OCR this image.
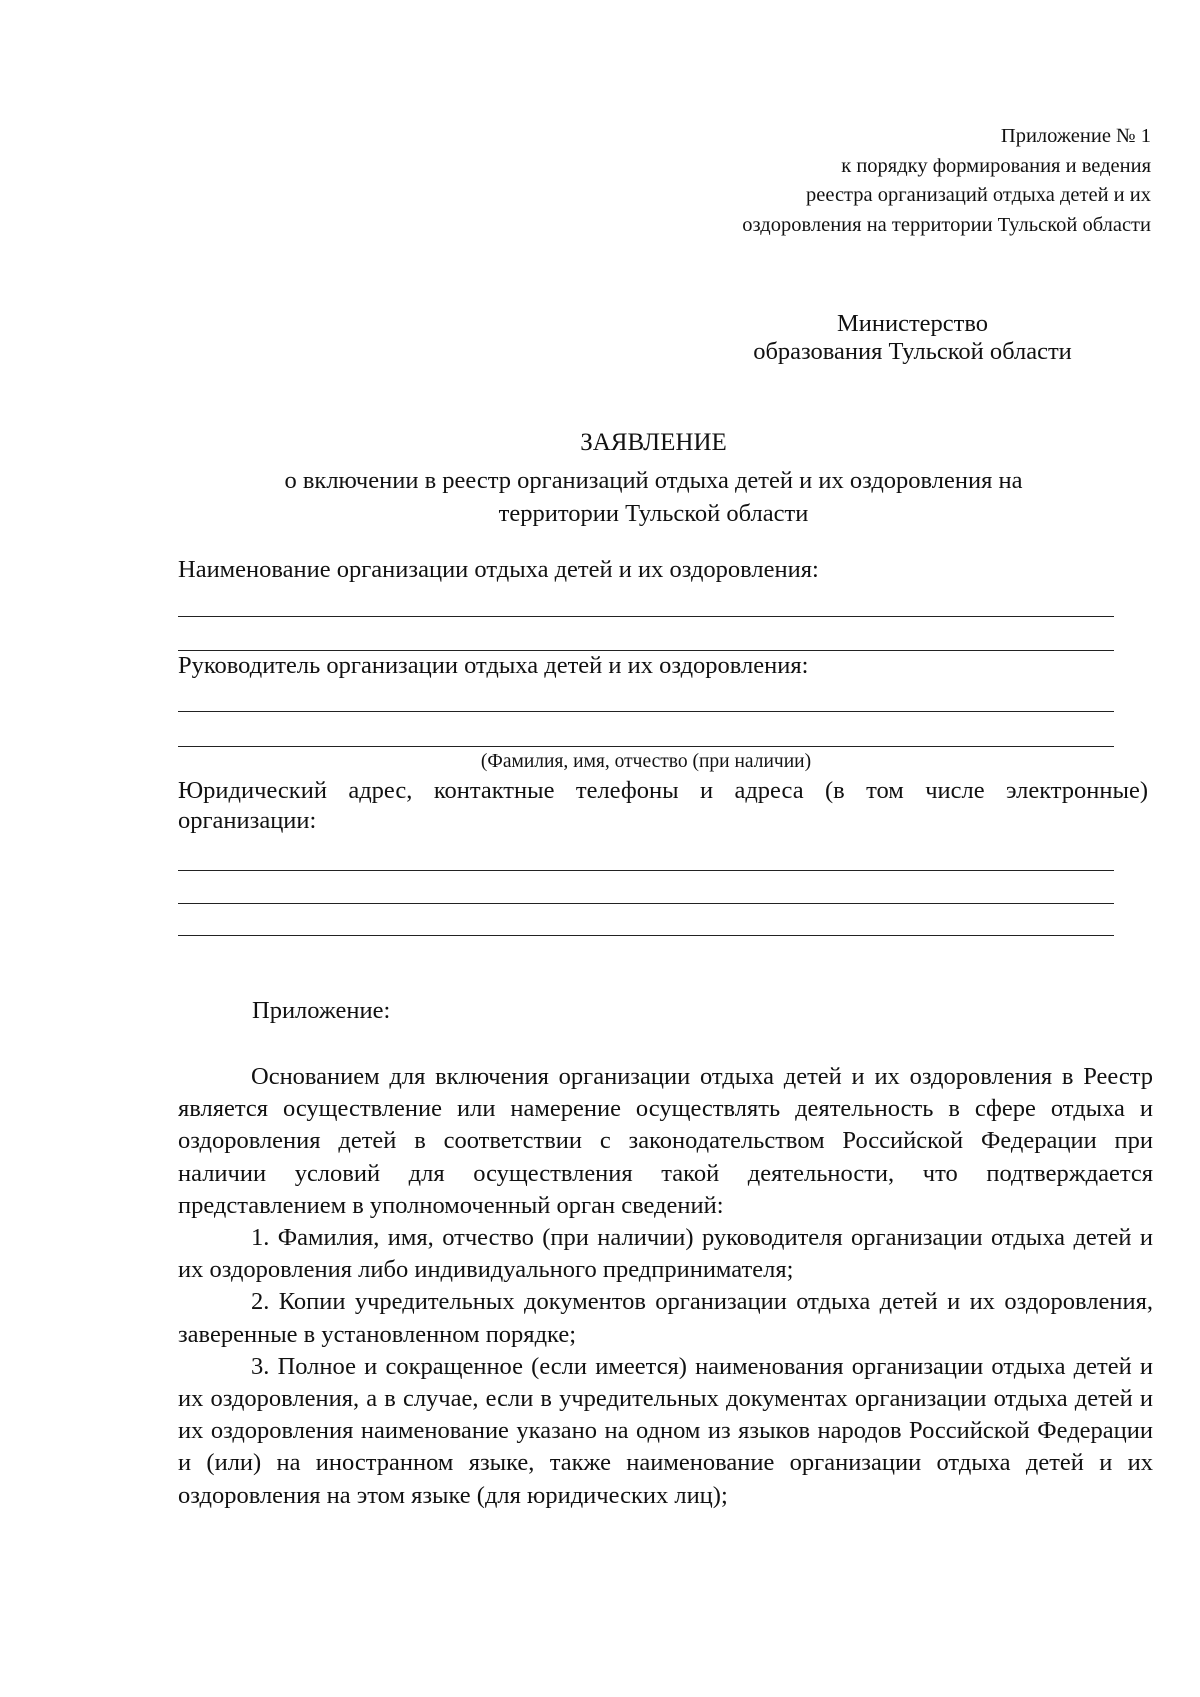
Приложение № 1
к порядку формирования и ведения
реестра организаций отдыха детей и их
оздоровления на территории Тульской области
Министерство
образования Тульской области
ЗАЯВЛЕНИЕ
о включении в реестр организаций отдыха детей и их оздоровления на
территории Тульской области
Наименование организации отдыха детей и их оздоровления:
Руководитель организации отдыха детей и их оздоровления:
(Фамилия, имя, отчество (при наличии)
Юридический адрес, контактные телефоны и адреса (в том числе электронные) организации:
Приложение:

Основанием для включения организации отдыха детей и их оздоровления в Реестр является осуществление или намерение осуществлять деятельность в сфере отдыха и оздоровления детей в соответствии с законодательством Российской Федерации при наличии условий для осуществления такой деятельности, что подтверждается представлением в уполномоченный орган сведений:

1. Фамилия, имя, отчество (при наличии) руководителя организации отдыха детей и их оздоровления либо индивидуального предпринимателя;

2. Копии учредительных документов организации отдыха детей и их оздоровления, заверенные в установленном порядке;

3. Полное и сокращенное (если имеется) наименования организации отдыха детей и их оздоровления, а в случае, если в учредительных документах организации отдыха детей и их оздоровления наименование указано на одном из языков народов Российской Федерации и (или) на иностранном языке, также наименование организации отдыха детей и их оздоровления на этом языке (для юридических лиц);
